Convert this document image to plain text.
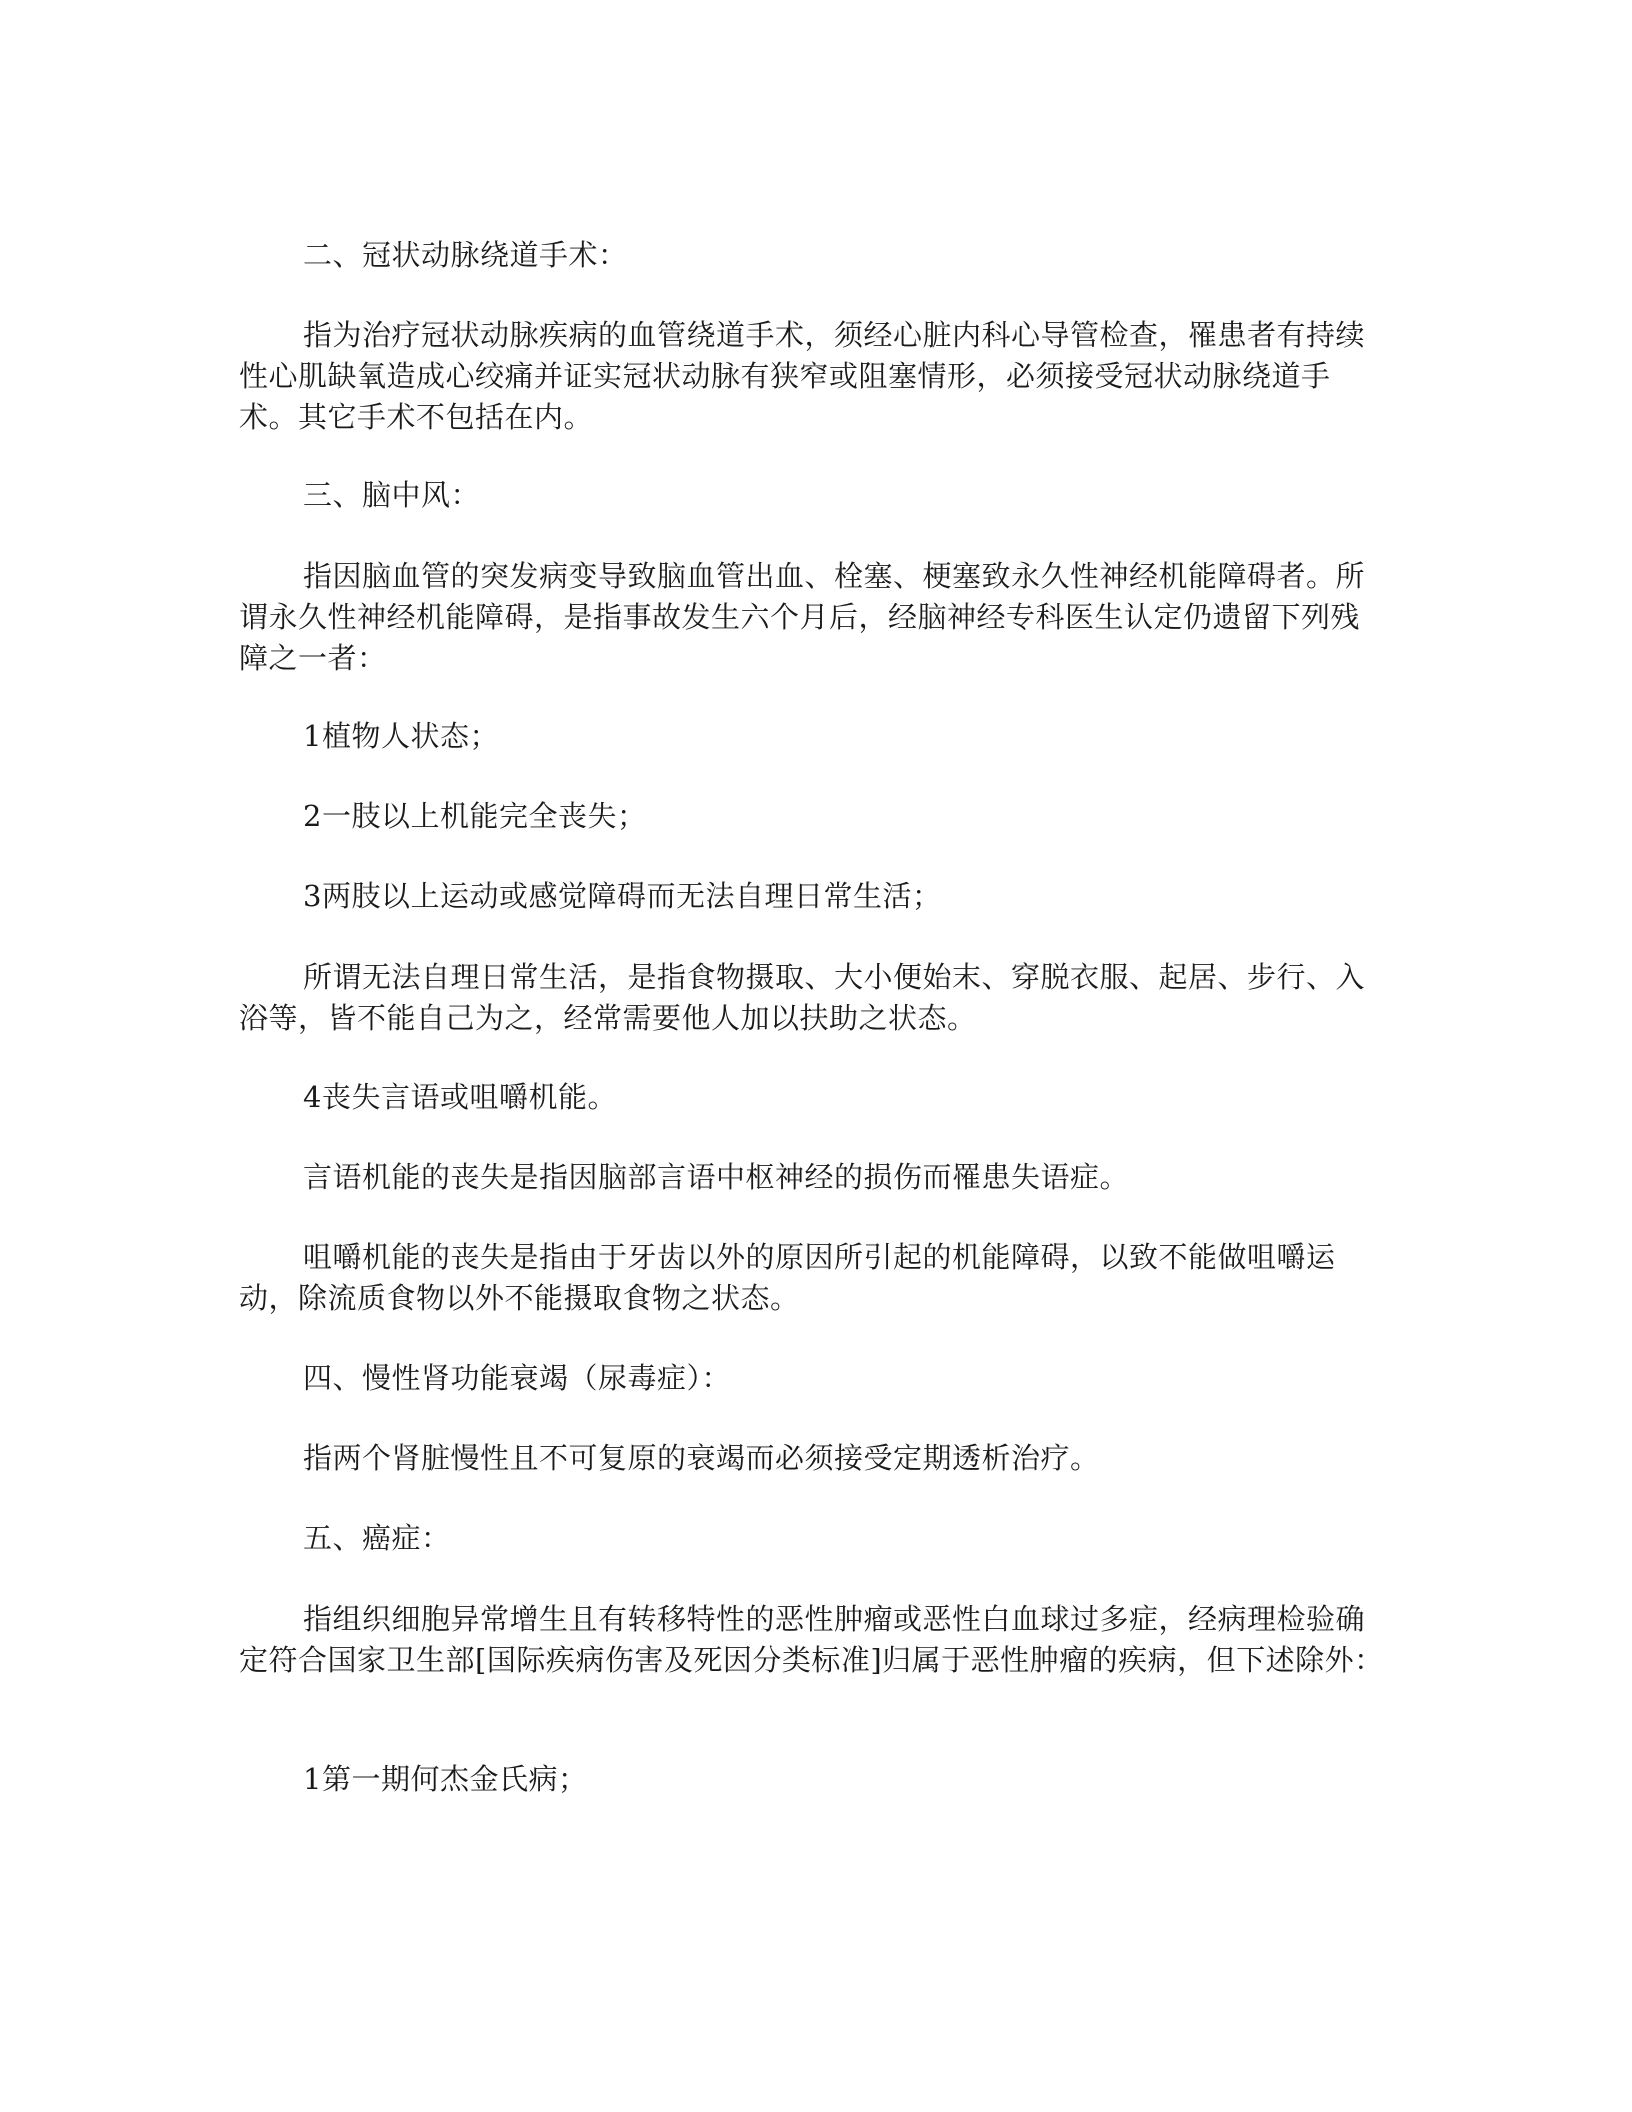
二、冠状动脉绕道手术：

指为治疗冠状动脉疾病的血管绕道手术，须经心脏内科心导管检查，罹患者有持续性心肌缺氧造成心绞痛并证实冠状动脉有狭窄或阻塞情形，必须接受冠状动脉绕道手术。其它手术不包括在内。

三、脑中风：

指因脑血管的突发病变导致脑血管出血、栓塞、梗塞致永久性神经机能障碍者。所谓永久性神经机能障碍，是指事故发生六个月后，经脑神经专科医生认定仍遗留下列残障之一者：

1植物人状态；

2一肢以上机能完全丧失；

3两肢以上运动或感觉障碍而无法自理日常生活；

所谓无法自理日常生活，是指食物摄取、大小便始末、穿脱衣服、起居、步行、入浴等，皆不能自己为之，经常需要他人加以扶助之状态。

4丧失言语或咀嚼机能。

言语机能的丧失是指因脑部言语中枢神经的损伤而罹患失语症。

咀嚼机能的丧失是指由于牙齿以外的原因所引起的机能障碍，以致不能做咀嚼运动，除流质食物以外不能摄取食物之状态。

四、慢性肾功能衰竭（尿毒症）：

指两个肾脏慢性且不可复原的衰竭而必须接受定期透析治疗。

五、癌症：

指组织细胞异常增生且有转移特性的恶性肿瘤或恶性白血球过多症，经病理检验确定符合国家卫生部[国际疾病伤害及死因分类标准]归属于恶性肿瘤的疾病，但下述除外：

1第一期何杰金氏病；
